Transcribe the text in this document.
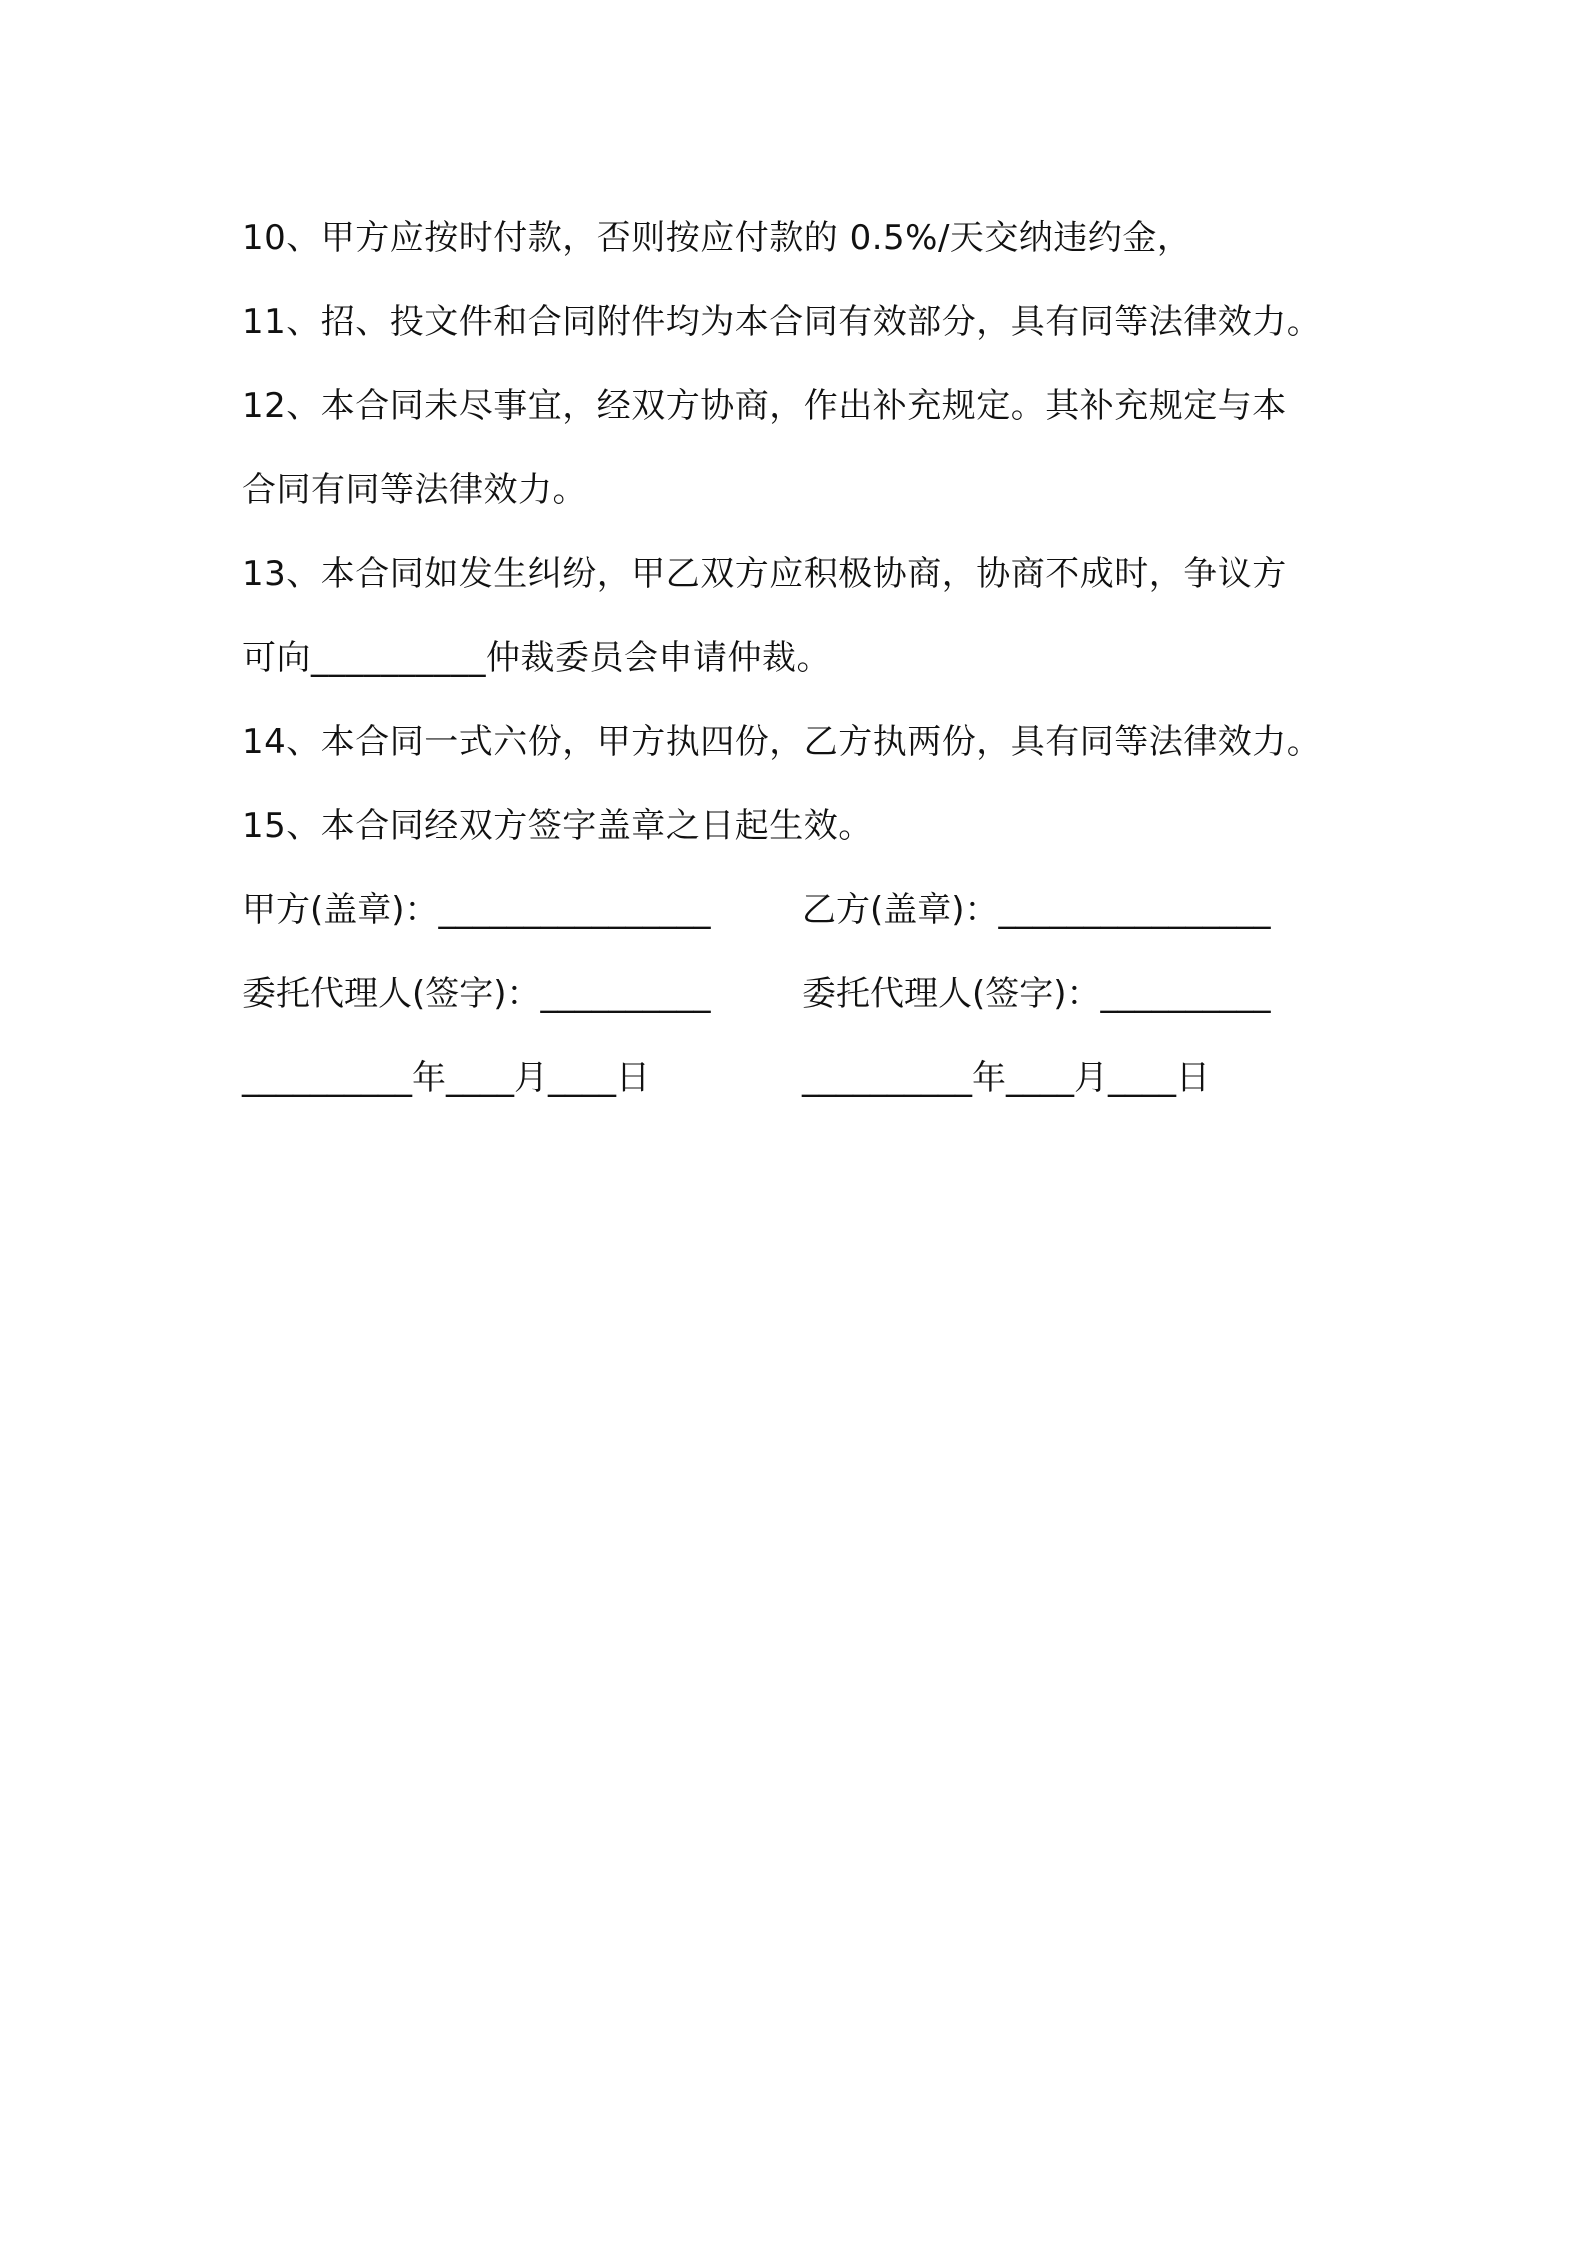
10、甲方应按时付款，否则按应付款的 0.5%/天交纳违约金，
11、招、投文件和合同附件均为本合同有效部分，具有同等法律效力。
12、本合同未尽事宜，经双方协商，作出补充规定。其补充规定与本
合同有同等法律效力。
13、本合同如发生纠纷，甲乙双方应积极协商，协商不成时，争议方
可向__________仲裁委员会申请仲裁。
14、本合同一式六份，甲方执四份，乙方执两份，具有同等法律效力。
15、本合同经双方签字盖章之日起生效。
甲方(盖章)：________________	乙方(盖章)：________________
委托代理人(签字)：__________	委托代理人(签字)：__________
__________年____月____日	__________年____月____日
